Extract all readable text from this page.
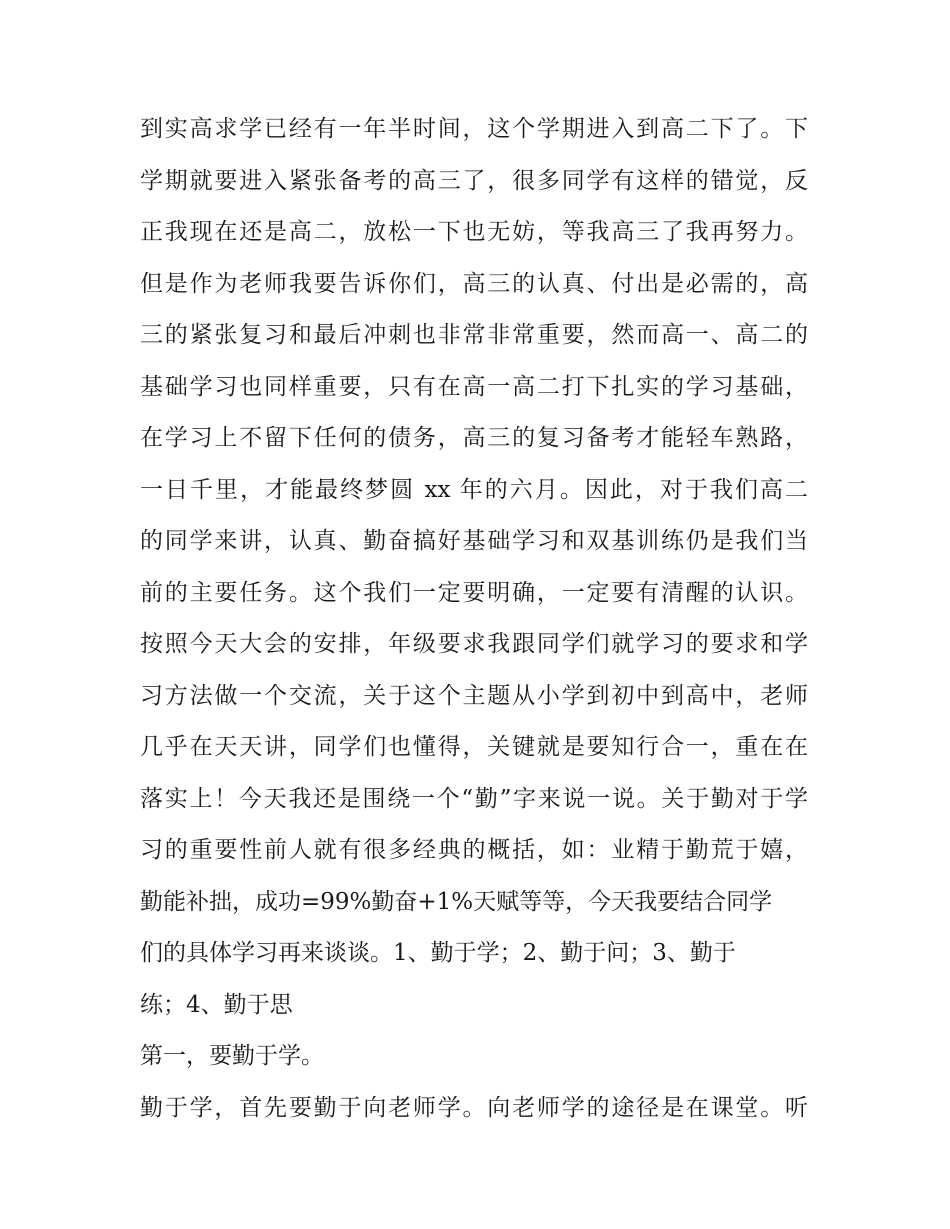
到实高求学已经有一年半时间，这个学期进入到高二下了。下
学期就要进入紧张备考的高三了，很多同学有这样的错觉，反
正我现在还是高二，放松一下也无妨，等我高三了我再努力。
但是作为老师我要告诉你们，高三的认真、付出是必需的，高
三的紧张复习和最后冲刺也非常非常重要，然而高一、高二的
基础学习也同样重要，只有在高一高二打下扎实的学习基础，
在学习上不留下任何的债务，高三的复习备考才能轻车熟路，
一日千里，才能最终梦圆 xx 年的六月。因此，对于我们高二
的同学来讲，认真、勤奋搞好基础学习和双基训练仍是我们当
前的主要任务。这个我们一定要明确，一定要有清醒的认识。
按照今天大会的安排，年级要求我跟同学们就学习的要求和学
习方法做一个交流，关于这个主题从小学到初中到高中，老师
几乎在天天讲，同学们也懂得，关键就是要知行合一，重在在
落实上！今天我还是围绕一个“勤”字来说一说。关于勤对于学
习的重要性前人就有很多经典的概括，如：业精于勤荒于嬉，
勤能补拙，成功=99%勤奋+1%天赋等等，今天我要结合同学
们的具体学习再来谈谈。1、勤于学；2、勤于问；3、勤于
练；4、勤于思
第一，要勤于学。
勤于学，首先要勤于向老师学。向老师学的途径是在课堂。听
